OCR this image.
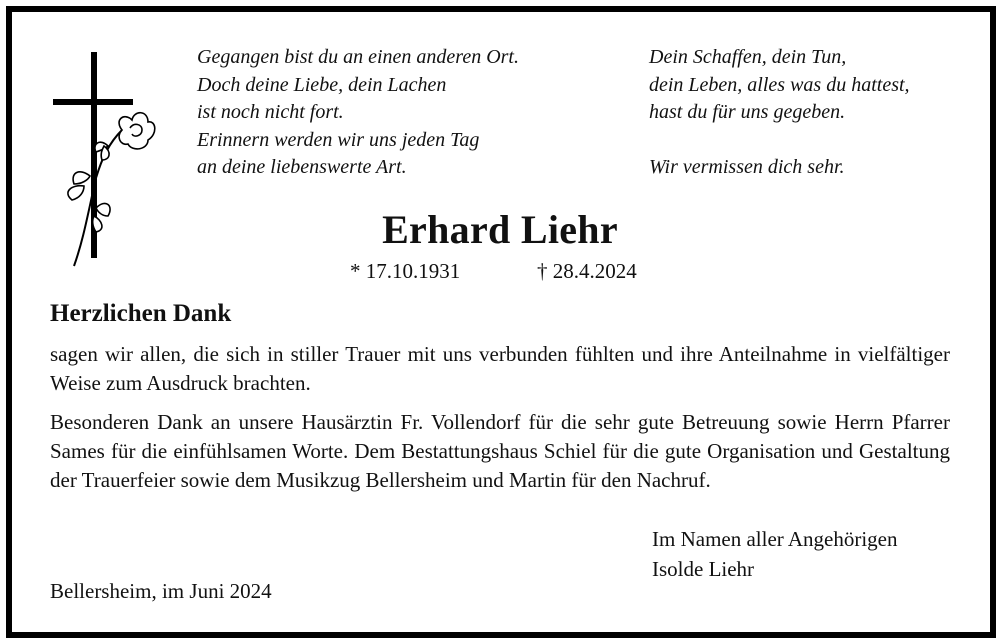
Gegangen bist du an einen anderen Ort.
Doch deine Liebe, dein Lachen
ist noch nicht fort.
Erinnern werden wir uns jeden Tag
an deine liebenswerte Art.
Dein Schaffen, dein Tun,
dein Leben, alles was du hattest,
hast du für uns gegeben.
Wir vermissen dich sehr.
Erhard Liehr
* 17.10.1931	† 28.4.2024
Herzlichen Dank
sagen wir allen, die sich in stiller Trauer mit uns verbunden fühlten und ihre Anteilnahme in vielfältiger Weise zum Ausdruck brachten.
Besonderen Dank an unsere Hausärztin Fr. Vollendorf für die sehr gute Betreuung sowie Herrn Pfarrer Sames für die einfühlsamen Worte. Dem Bestattungshaus Schiel für die gute Organisation und Gestaltung der Trauerfeier sowie dem Musikzug Bellersheim und Martin für den Nachruf.
Im Namen aller Angehörigen
Isolde Liehr
Bellersheim, im Juni 2024
